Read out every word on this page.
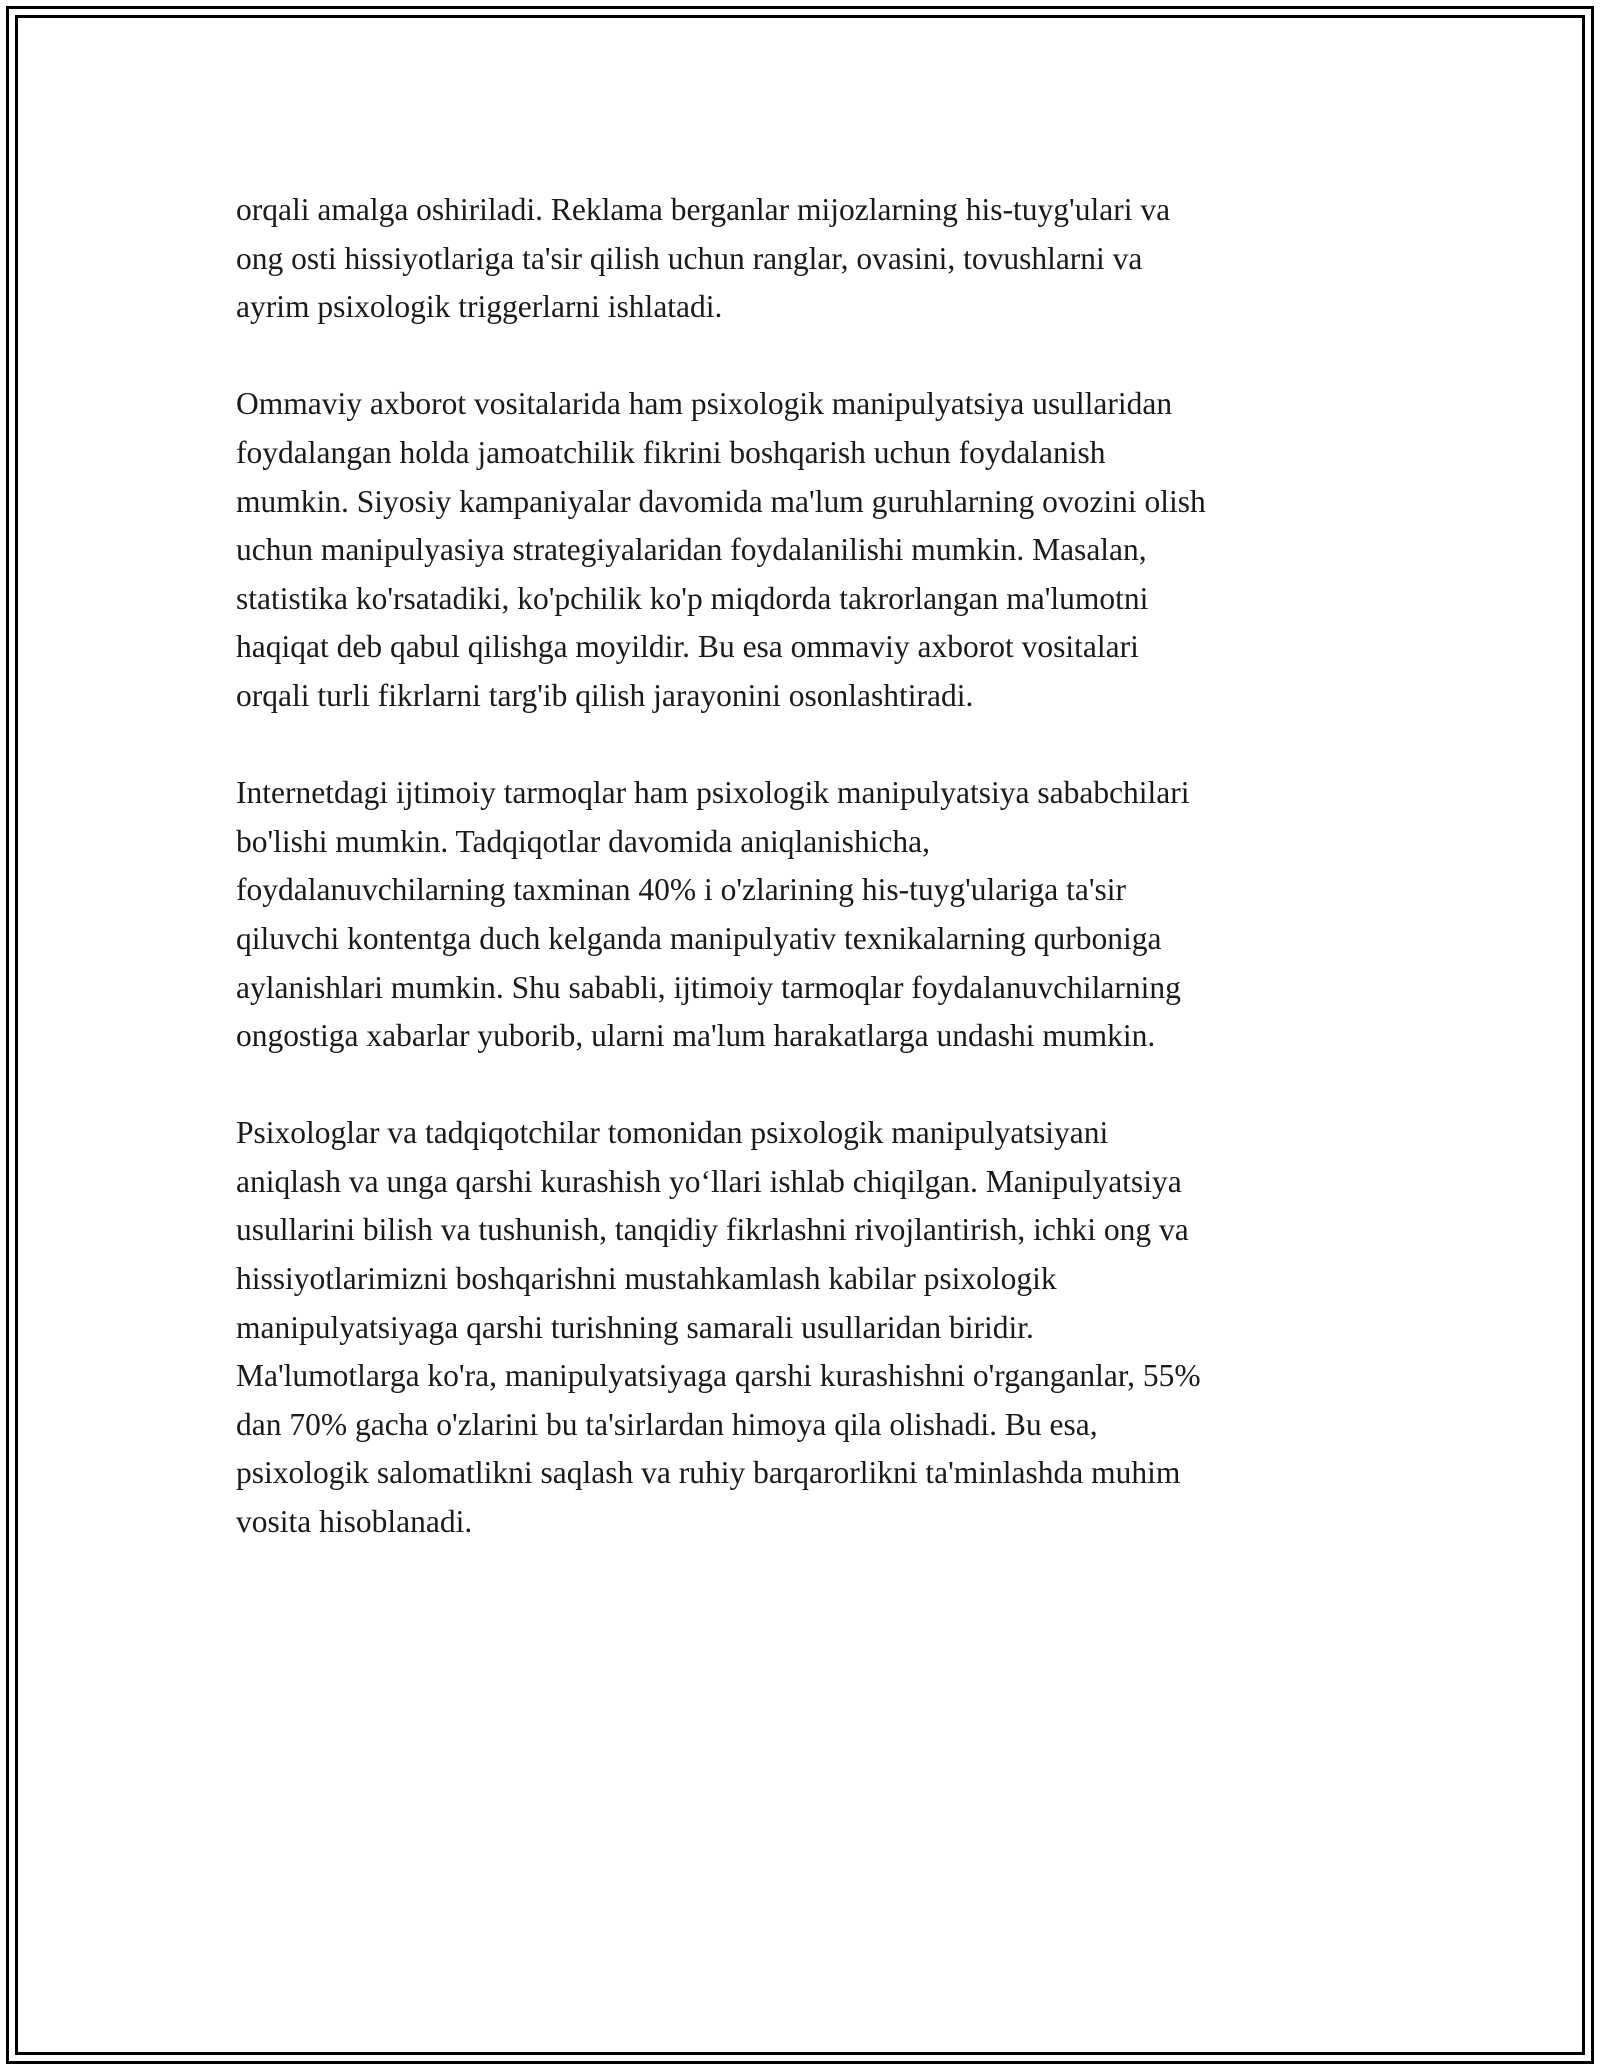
orqali amalga oshiriladi. Reklama berganlar mijozlarning his-tuyg'ulari va
ong osti hissiyotlariga ta'sir qilish uchun ranglar, ovasini, tovushlarni va
ayrim psixologik triggerlarni ishlatadi.

Ommaviy axborot vositalarida ham psixologik manipulyatsiya usullaridan
foydalangan holda jamoatchilik fikrini boshqarish uchun foydalanish
mumkin. Siyosiy kampaniyalar davomida ma'lum guruhlarning ovozini olish
uchun manipulyasiya strategiyalaridan foydalanilishi mumkin. Masalan,
statistika ko'rsatadiki, ko'pchilik ko'p miqdorda takrorlangan ma'lumotni
haqiqat deb qabul qilishga moyildir. Bu esa ommaviy axborot vositalari
orqali turli fikrlarni targ'ib qilish jarayonini osonlashtiradi.

Internetdagi ijtimoiy tarmoqlar ham psixologik manipulyatsiya sababchilari
bo'lishi mumkin. Tadqiqotlar davomida aniqlanishicha,
foydalanuvchilarning taxminan 40% i o'zlarining his-tuyg'ulariga ta'sir
qiluvchi kontentga duch kelganda manipulyativ texnikalarning qurboniga
aylanishlari mumkin. Shu sababli, ijtimoiy tarmoqlar foydalanuvchilarning
ongostiga xabarlar yuborib, ularni ma'lum harakatlarga undashi mumkin.

Psixologlar va tadqiqotchilar tomonidan psixologik manipulyatsiyani
aniqlash va unga qarshi kurashish yo‘llari ishlab chiqilgan. Manipulyatsiya
usullarini bilish va tushunish, tanqidiy fikrlashni rivojlantirish, ichki ong va
hissiyotlarimizni boshqarishni mustahkamlash kabilar psixologik
manipulyatsiyaga qarshi turishning samarali usullaridan biridir.
Ma'lumotlarga ko'ra, manipulyatsiyaga qarshi kurashishni o'rganganlar, 55%
dan 70% gacha o'zlarini bu ta'sirlardan himoya qila olishadi. Bu esa,
psixologik salomatlikni saqlash va ruhiy barqarorlikni ta'minlashda muhim
vosita hisoblanadi.
